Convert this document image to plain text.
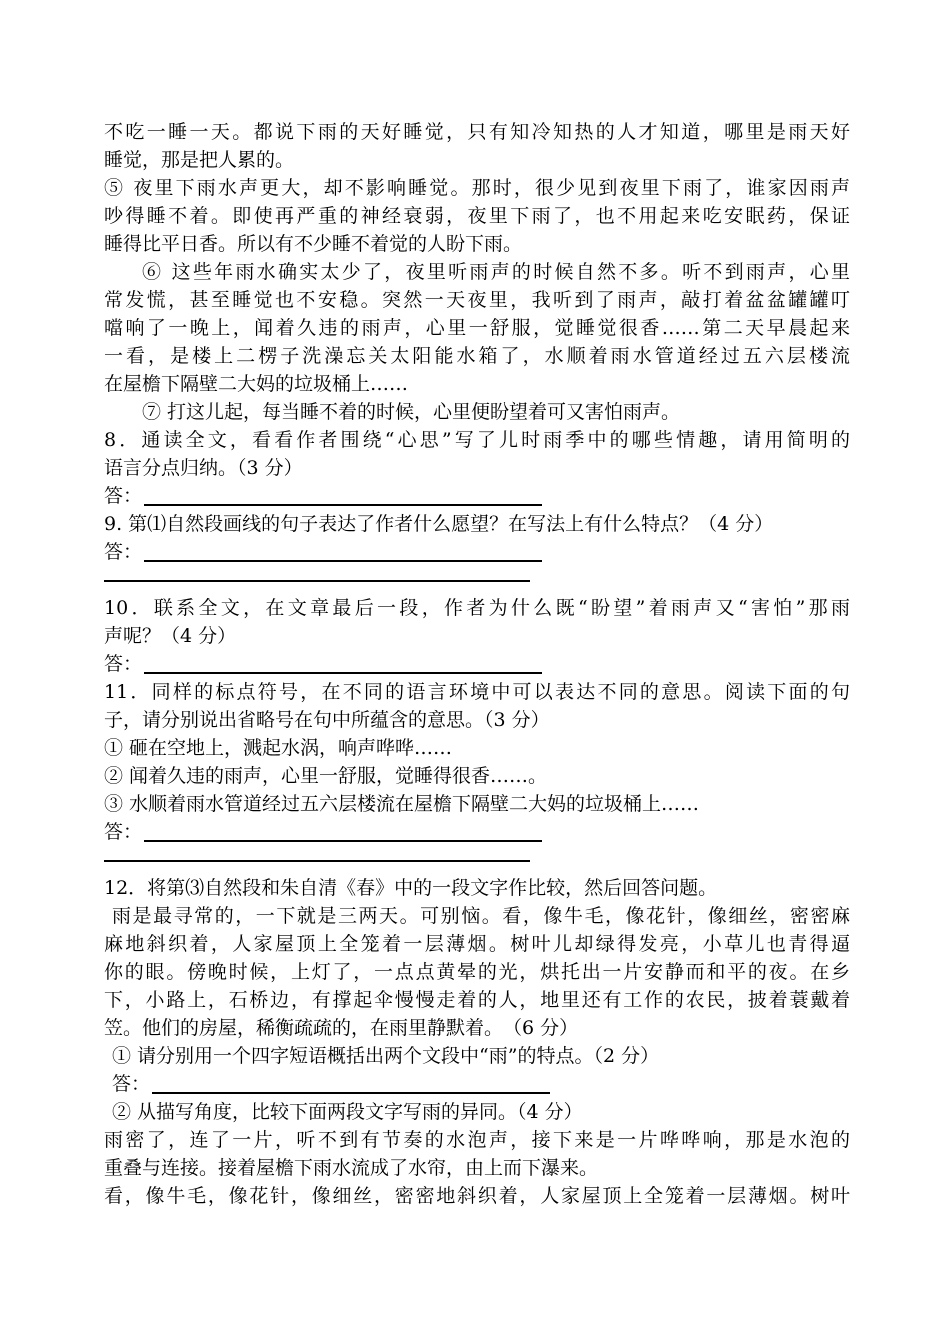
不吃一睡一天。都说下雨的天好睡觉，只有知冷知热的人才知道，哪里是雨天好
睡觉，那是把人累的。
⑤ 夜里下雨水声更大，却不影响睡觉。那时，很少见到夜里下雨了，谁家因雨声
吵得睡不着。即使再严重的神经衰弱，夜里下雨了，也不用起来吃安眠药，保证
睡得比平日香。所以有不少睡不着觉的人盼下雨。
⑥ 这些年雨水确实太少了，夜里听雨声的时候自然不多。听不到雨声，心里
常发慌，甚至睡觉也不安稳。突然一天夜里，我听到了雨声，敲打着盆盆罐罐叮
噹响了一晚上，闻着久违的雨声，心里一舒服，觉睡觉很香……第二天早晨起来
一看，是楼上二楞子洗澡忘关太阳能水箱了，水顺着雨水管道经过五六层楼流
在屋檐下隔壁二大妈的垃圾桶上……
⑦ 打这儿起，每当睡不着的时候，心里便盼望着可又害怕雨声。
8．通读全文，看看作者围绕“心思”写了儿时雨季中的哪些情趣，请用简明的
语言分点归纳。（3 分）
答：
9. 第⑴自然段画线的句子表达了作者什么愿望？在写法上有什么特点？（4 分）
答：
10．联系全文，在文章最后一段，作者为什么既“盼望”着雨声又“害怕”那雨
声呢？（4 分）
答：
11．同样的标点符号，在不同的语言环境中可以表达不同的意思。阅读下面的句
子，请分别说出省略号在句中所蕴含的意思。（3 分）
① 砸在空地上，溅起水涡，响声哗哗……
② 闻着久违的雨声，心里一舒服，觉睡得很香……。
③ 水顺着雨水管道经过五六层楼流在屋檐下隔壁二大妈的垃圾桶上……
答：
12．将第⑶自然段和朱自清《春》中的一段文字作比较，然后回答问题。
雨是最寻常的，一下就是三两天。可别恼。看，像牛毛，像花针，像细丝，密密麻
麻地斜织着，人家屋顶上全笼着一层薄烟。树叶儿却绿得发亮，小草儿也青得逼
你的眼。傍晚时候，上灯了，一点点黄晕的光，烘托出一片安静而和平的夜。在乡
下，小路上，石桥边，有撑起伞慢慢走着的人，地里还有工作的农民，披着蓑戴着
笠。他们的房屋，稀衡疏疏的，在雨里静默着。　（6 分）
① 请分别用一个四字短语概括出两个文段中“雨”的特点。（2 分）
答：
② 从描写角度，比较下面两段文字写雨的异同。（4 分）
雨密了，连了一片，听不到有节奏的水泡声，接下来是一片哗哗响，那是水泡的
重叠与连接。接着屋檐下雨水流成了水帘，由上而下瀑来。
看，像牛毛，像花针，像细丝，密密地斜织着，人家屋顶上全笼着一层薄烟。树叶
